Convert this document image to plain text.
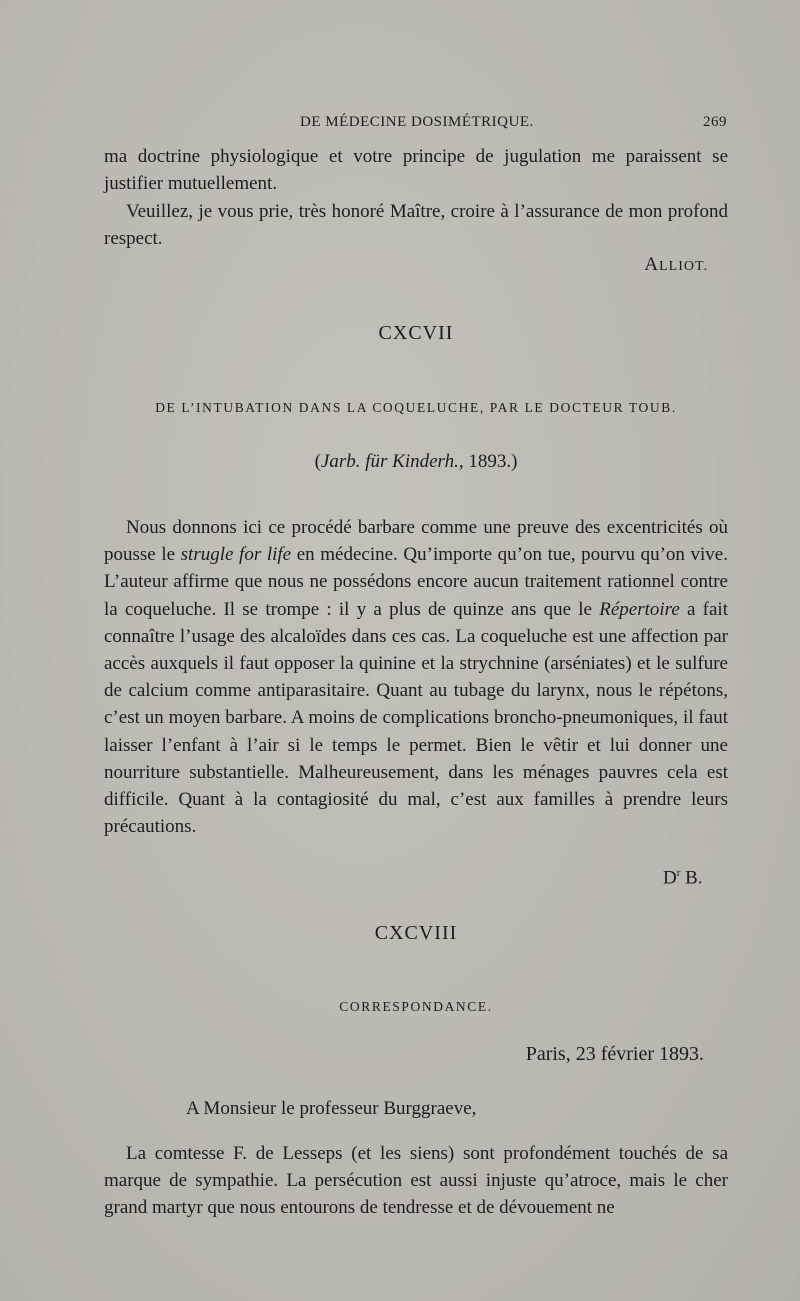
DE MÉDECINE DOSIMÉTRIQUE.	269

ma doctrine physiologique et votre principe de jugulation me paraissent se justifier mutuellement.

Veuillez, je vous prie, très honoré Maître, croire à l’assurance de mon profond respect.

ALLIOT.

CXCVII

DE L’INTUBATION DANS LA COQUELUCHE, PAR LE DOCTEUR TOUB.

(Jarb. für Kinderh., 1893.)

Nous donnons ici ce procédé barbare comme une preuve des excentricités où pousse le strugle for life en médecine. Qu’importe qu’on tue, pourvu qu’on vive. L’auteur affirme que nous ne possédons encore aucun traitement rationnel contre la coqueluche. Il se trompe : il y a plus de quinze ans que le Répertoire a fait connaître l’usage des alcaloïdes dans ces cas. La coqueluche est une affection par accès auxquels il faut opposer la quinine et la strychnine (arséniates) et le sulfure de calcium comme antiparasitaire. Quant au tubage du larynx, nous le répétons, c’est un moyen barbare. A moins de complications broncho-pneumoniques, il faut laisser l’enfant à l’air si le temps le permet. Bien le vêtir et lui donner une nourriture substantielle. Malheureusement, dans les ménages pauvres cela est difficile. Quant à la contagiosité du mal, c’est aux familles à prendre leurs précautions.

$D^r$ B.

CXCVIII

CORRESPONDANCE.

Paris, 23 février 1893.
A Monsieur le professeur Burggraeve,

La comtesse F. de Lesseps (et les siens) sont profondément touchés de sa marque de sympathie. La persécution est aussi injuste qu’atroce, mais le cher grand martyr que nous entourons de tendresse et de dévouement ne
